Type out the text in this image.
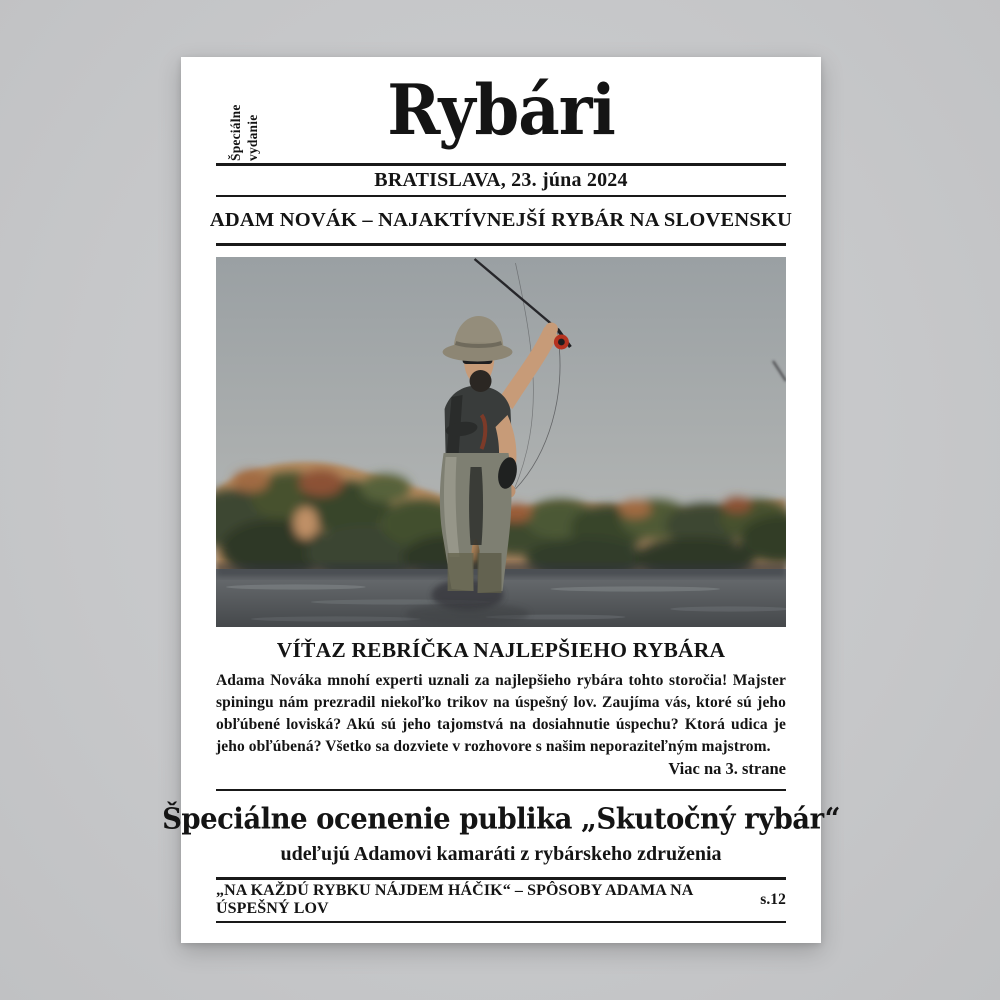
Špeciálne vydanie	Rybári
BRATISLAVA, 23. júna 2024
ADAM NOVÁK – NAJAKTÍVNEJŠÍ RYBÁR NA SLOVENSKU
VÍŤAZ REBRÍČKA NAJLEPŠIEHO RYBÁRA

Adama Nováka mnohí experti uznali za najlepšieho rybára tohto storočia! Majster spiningu nám prezradil niekoľko trikov na úspešný lov. Zaujíma vás, ktoré sú jeho obľúbené loviská? Akú sú jeho tajomstvá na dosiahnutie úspechu? Ktorá udica je jeho obľúbená? Všetko sa dozviete v rozhovore s našim neporaziteľným majstrom.

Viac na 3. strane
Špeciálne ocenenie publika „Skutočný rybár“
udeľujú Adamovi kamaráti z rybárskeho združenia
„NA KAŽDÚ RYBKU NÁJDEM HÁČIK“ – SPÔSOBY ADAMA NA ÚSPEŠNÝ LOV
s.12
